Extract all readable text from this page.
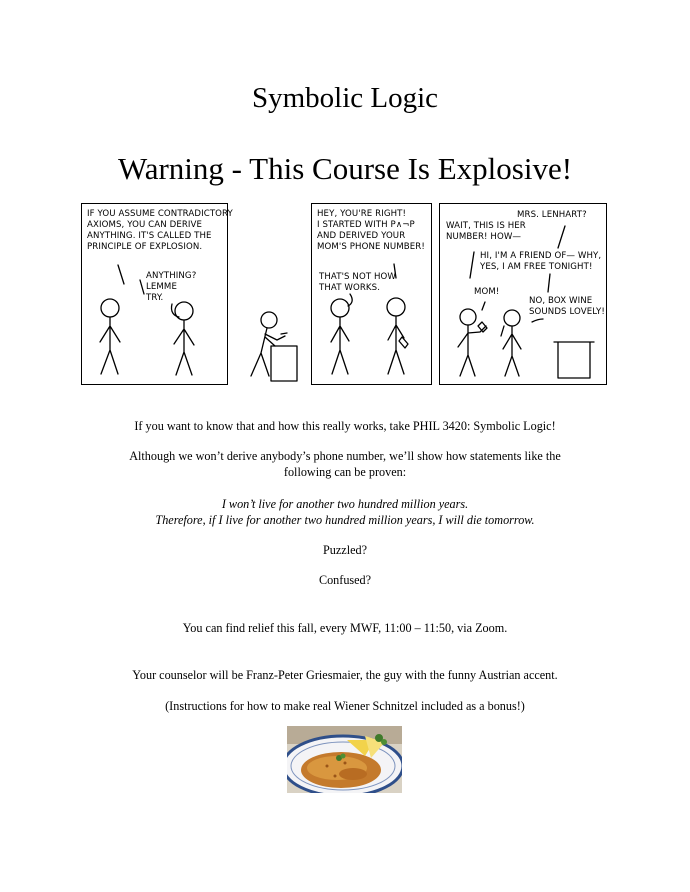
Symbolic Logic
Warning - This Course Is Explosive!
IF YOU ASSUME CONTRADICTORY
AXIOMS, YOU CAN DERIVE
ANYTHING. IT'S CALLED THE
PRINCIPLE OF EXPLOSION.
ANYTHING?
LEMME
TRY.
HEY, YOU'RE RIGHT!
I STARTED WITH P∧¬P
AND DERIVED YOUR
MOM'S PHONE NUMBER!
THAT'S NOT HOW
THAT WORKS.
MRS. LENHART?
WAIT, THIS IS HER
NUMBER! HOW—
HI, I'M A FRIEND OF— WHY,
YES, I AM FREE TONIGHT!
MOM!
NO, BOX WINE
SOUNDS LOVELY!
If you want to know that and how this really works, take PHIL 3420: Symbolic Logic!
Although we won’t derive anybody’s phone number, we’ll show how statements like the
following can be proven:
I won’t live for another two hundred million years.
Therefore, if I live for another two hundred million years, I will die tomorrow.
Puzzled?
Confused?
You can find relief this fall, every MWF, 11:00 – 11:50, via Zoom.
Your counselor will be Franz-Peter Griesmaier, the guy with the funny Austrian accent.
(Instructions for how to make real Wiener Schnitzel included as a bonus!)
